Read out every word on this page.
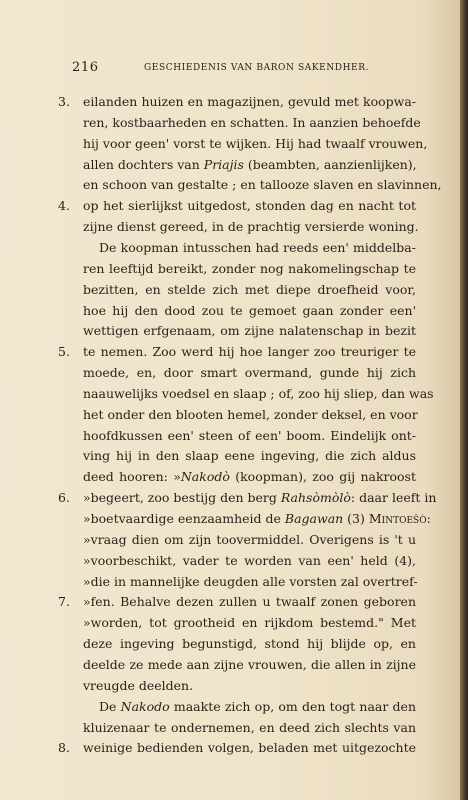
216	GESCHIEDENIS VAN BARON SAKENDHER.
3.	eilanden huizen en magazijnen, gevuld met koopwa-
ren, kostbaarheden en schatten. In aanzien behoefde
hij voor geen' vorst te wijken. Hij had twaalf vrouwen,
allen dochters van Priajis (beambten, aanzienlijken),
en schoon van gestalte ; en tallooze slaven en slavinnen,
4.	op het sierlijkst uitgedost, stonden dag en nacht tot
zijne dienst gereed, in de prachtig versierde woning.
De koopman intusschen had reeds een' middelba-
ren leeftijd bereikt, zonder nog nakomelingschap te
bezitten, en stelde zich met diepe droefheid voor,
hoe hij den dood zou te gemoet gaan zonder een'
wettigen erfgenaam, om zijne nalatenschap in bezit
5.	te nemen. Zoo werd hij hoe langer zoo treuriger te
moede, en, door smart overmand, gunde hij zich
naauwelijks voedsel en slaap ; of, zoo hij sliep, dan was
het onder den blooten hemel, zonder deksel, en voor
hoofdkussen een' steen of een' boom. Eindelijk ont-
ving hij in den slaap eene ingeving, die zich aldus
deed hooren: »Nakodò (koopman), zoo gij nakroost
6.	»begeert, zoo bestijg den berg Rahsòmòlò: daar leeft in
»boetvaardige eenzaamheid de Bagawan (3) Mintoeŝò:
»vraag dien om zijn toovermiddel. Overigens is 't u
»voorbeschikt, vader te worden van een' held (4),
»die in mannelijke deugden alle vorsten zal overtref-
7.	»fen. Behalve dezen zullen u twaalf zonen geboren
»worden, tot grootheid en rijkdom bestemd." Met
deze ingeving begunstigd, stond hij blijde op, en
deelde ze mede aan zijne vrouwen, die allen in zijne
vreugde deelden.
De Nakodo maakte zich op, om den togt naar den
kluizenaar te ondernemen, en deed zich slechts van
8.	weinige bedienden volgen, beladen met uitgezochte
